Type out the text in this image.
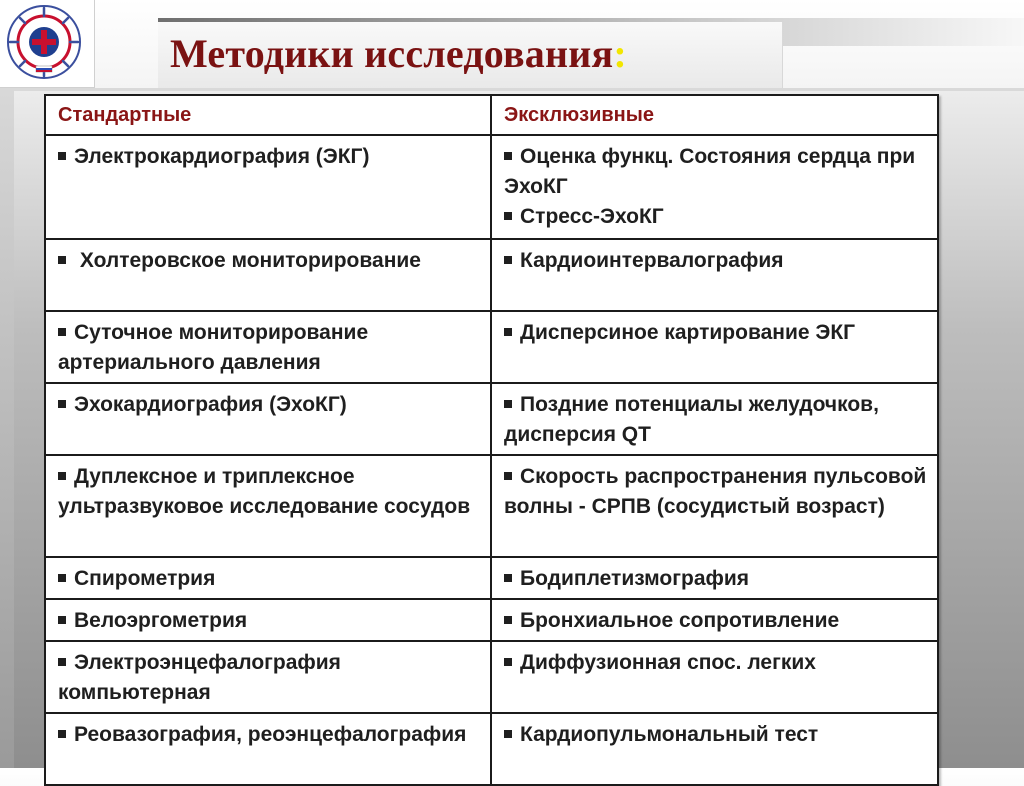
Методики исследования:
Стандартные	Эксклюзивные

Электрокардиография (ЭКГ)	Оценка функц. Состояния сердца при ЭхоКГ
Стресс-ЭхоКГ

Холтеровское мониторирование	Кардиоинтервалография

Суточное мониторирование артериального давления	Дисперсиное картирование ЭКГ

Эхокардиография (ЭхоКГ)	Поздние потенциалы желудочков, дисперсия QT

Дуплексное и триплексное ультразвуковое исследование сосудов	Скорость распространения пульсовой волны - СРПВ (сосудистый возраст)

Спирометрия	Бодиплетизмография

Велоэргометрия	Бронхиальное сопротивление

Электроэнцефалография компьютерная	Диффузионная спос. легких

Реовазография, реоэнцефалография	Кардиопульмональный тест
